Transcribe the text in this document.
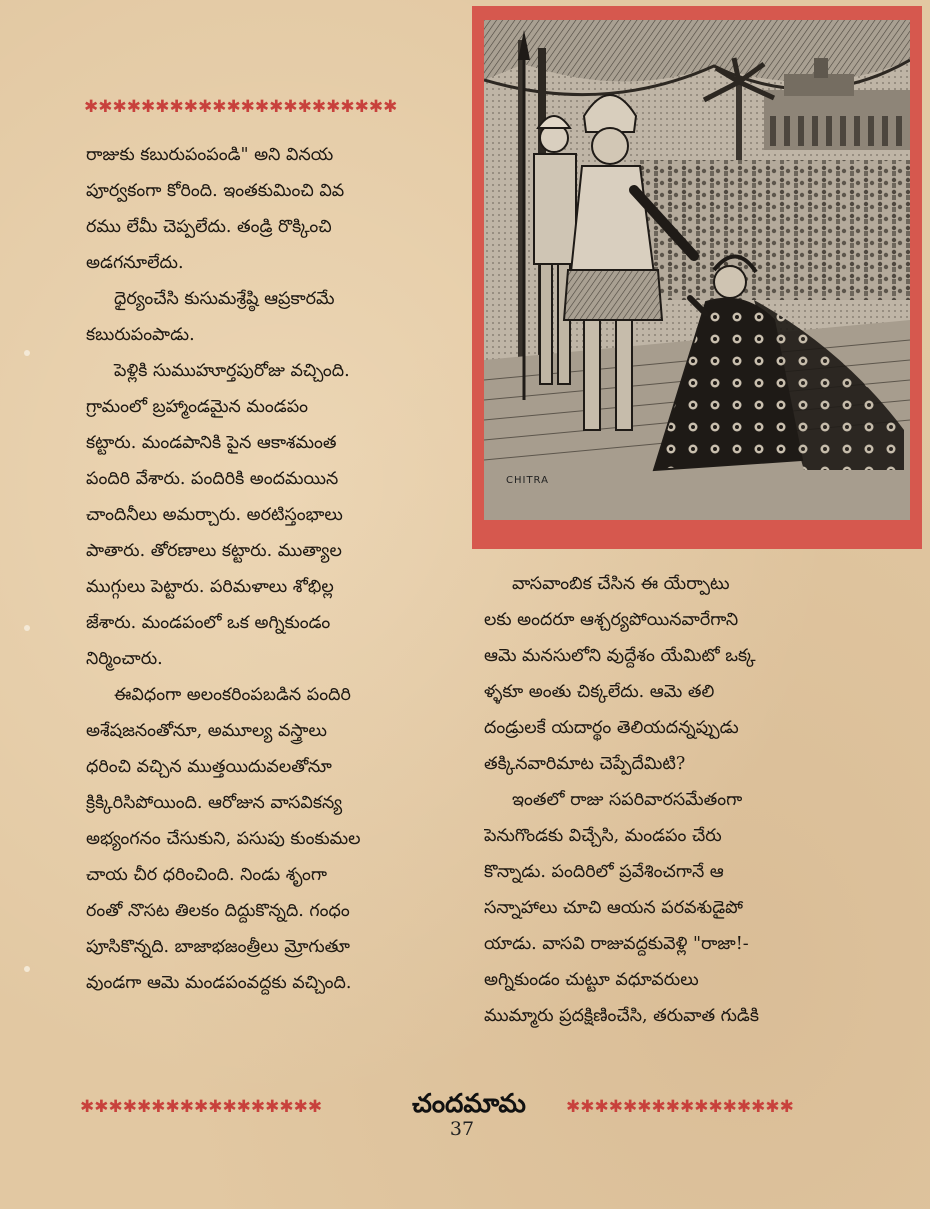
✱✱✱✱✱✱✱✱✱✱✱✱✱✱✱✱✱✱✱✱✱✱
రాజుకు కబురుపంపండి" అని వినయ
పూర్వకంగా కోరింది. ఇంతకుమించి వివ
రము లేమీ చెప్పలేదు. తండ్రి రొక్కించి
అడగనూలేదు.
ధైర్యంచేసి కుసుమశ్రేష్ఠి ఆప్రకారమే
కబురుపంపాడు.
పెళ్లికి సుముహూర్తపురోజు వచ్చింది.
గ్రామంలో బ్రహ్మాండమైన మండపం
కట్టారు. మండపానికి పైన ఆకాశమంత
పందిరి వేశారు. పందిరికి అందమయిన
చాందినీలు అమర్చారు. అరటిస్తంభాలు
పాతారు. తోరణాలు కట్టారు. ముత్యాల
ముగ్గులు పెట్టారు. పరిమళాలు శోభిల్ల
జేశారు. మండపంలో ఒక అగ్నికుండం
నిర్మించారు.
ఈవిధంగా అలంకరింపబడిన పందిరి
అశేషజనంతోనూ, అమూల్య వస్త్రాలు
ధరించి వచ్చిన ముత్తయిదువలతోనూ
క్రిక్కిరిసిపోయింది. ఆరోజున వాసవికన్య
అభ్యంగనం చేసుకుని, పసుపు కుంకుమల
చాయ చీర ధరించింది. నిండు శృంగా
రంతో నొసట తిలకం దిద్దుకొన్నది. గంధం
పూసికొన్నది. బాజాభజంత్రీలు మ్రోగుతూ
వుండగా ఆమె మండపంవద్దకు వచ్చింది.
CHITRA
వాసవాంబిక చేసిన ఈ యేర్పాటు
లకు అందరూ ఆశ్చర్యపోయినవారేగాని
ఆమె మనసులోని వుద్దేశం యేమిటో ఒక్క
ళ్ళకూ అంతు చిక్కలేదు. ఆమె తలి
దండ్రులకే యదార్థం తెలియదన్నప్పుడు
తక్కినవారిమాట చెప్పేదేమిటి?
ఇంతలో రాజు సపరివారసమేతంగా
పెనుగొండకు విచ్చేసి, మండపం చేరు
కొన్నాడు. పందిరిలో ప్రవేశించగానే ఆ
సన్నాహాలు చూచి ఆయన పరవశుడైపో
యాడు. వాసవి రాజువద్దకువెళ్లి "రాజా!-
అగ్నికుండం చుట్టూ వధూవరులు
ముమ్మారు ప్రదక్షిణించేసి, తరువాత గుడికి
✱✱✱✱✱✱✱✱✱✱✱✱✱✱✱✱✱	చందమామ	✱✱✱✱✱✱✱✱✱✱✱✱✱✱✱✱
37
